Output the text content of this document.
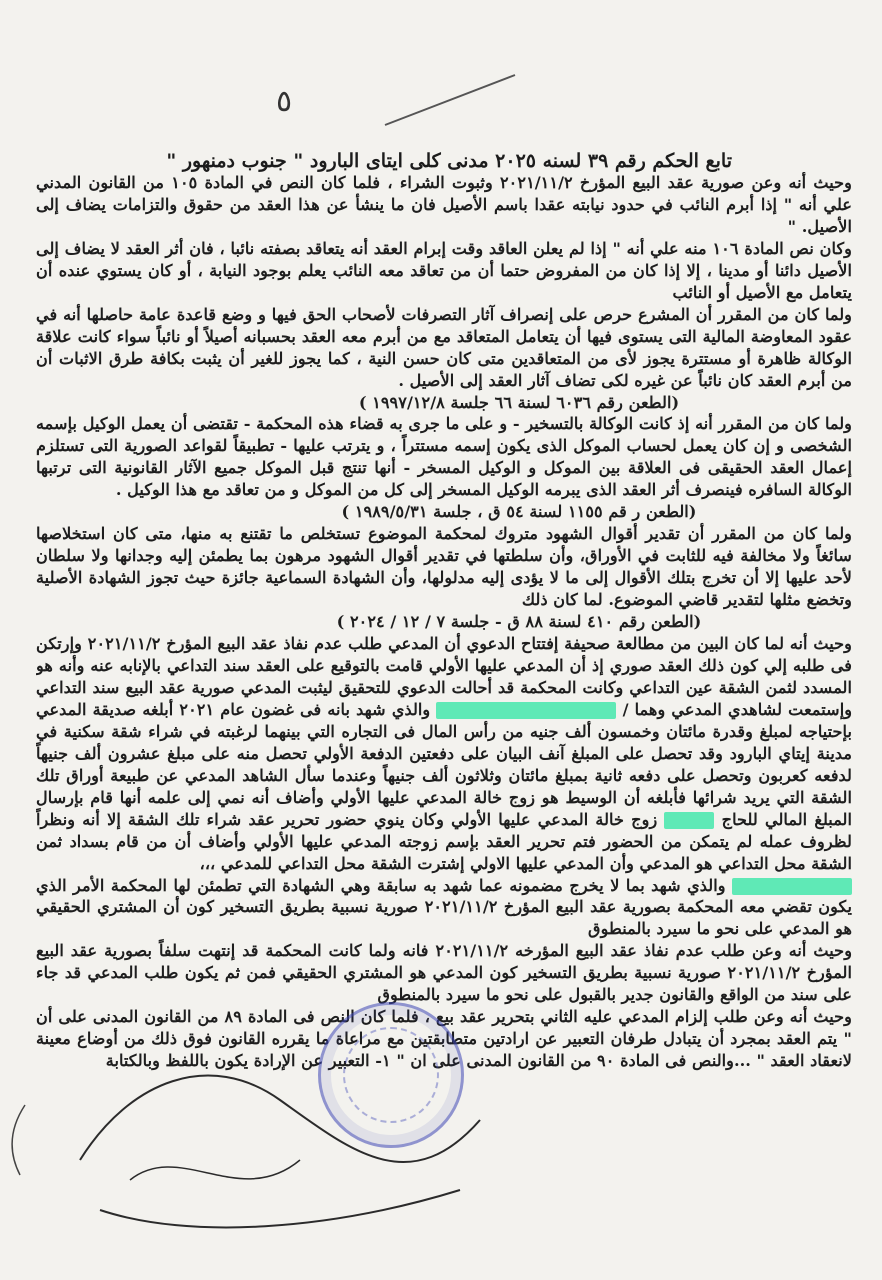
٥
تابع الحكم رقم ٣٩ لسنه ٢٠٢٥ مدنى كلى ايتاى البارود " جنوب دمنهور "

وحيث أنه وعن صورية عقد البيع المؤرخ ٢٠٢١/١١/٢ وثبوت الشراء ، فلما كان النص في المادة ١٠٥ من القانون المدني علي أنه " إذا أبرم النائب في حدود نيابته عقدا باسم الأصيل فان ما ينشأ عن هذا العقد من حقوق والتزامات يضاف إلى الأصيل. "

وكان نص المادة ١٠٦ منه علي أنه " إذا لم يعلن العاقد وقت إبرام العقد أنه يتعاقد بصفته نائبا ، فان أثر العقد لا يضاف إلى الأصيل دائنا أو مدينا ، إلا إذا كان من المفروض حتما أن من تعاقد معه النائب يعلم بوجود النيابة ، أو كان يستوي عنده أن يتعامل مع الأصيل أو النائب

ولما كان من المقرر أن المشرع حرص على إنصراف آثار التصرفات لأصحاب الحق فيها و وضع قاعدة عامة حاصلها أنه في عقود المعاوضة المالية التى يستوى فيها أن يتعامل المتعاقد مع من أبرم معه العقد بحسبانه أصيلاً أو نائباً سواء كانت علاقة الوكالة ظاهرة أو مستترة يجوز لأى من المتعاقدين متى كان حسن النية ، كما يجوز للغير أن يثبت بكافة طرق الاثبات أن من أبرم العقد كان نائباً عن غيره لكى تضاف آثار العقد إلى الأصيل .

(الطعن رقم ٦٠٣٦ لسنة ٦٦ جلسة ١٩٩٧/١٢/٨ )

ولما كان من المقرر أنه إذ كانت الوكالة بالتسخير - و على ما جرى به قضاء هذه المحكمة - تقتضى أن يعمل الوكيل بإسمه الشخصى و إن كان يعمل لحساب الموكل الذى يكون إسمه مستتراً ، و يترتب عليها - تطبيقاً لقواعد الصورية التى تستلزم إعمال العقد الحقيقى فى العلاقة بين الموكل و الوكيل المسخر - أنها تنتج قبل الموكل جميع الآثار القانونية التى ترتبها الوكالة السافره فينصرف أثر العقد الذى يبرمه الوكيل المسخر إلى كل من الموكل و من تعاقد مع هذا الوكيل .

(الطعن ر قم ١١٥٥ لسنة ٥٤ ق ، جلسة ١٩٨٩/٥/٣١ )

ولما كان من المقرر أن تقدير أقوال الشهود متروك لمحكمة الموضوع تستخلص ما تقتنع به منها، متى كان استخلاصها سائغاً ولا مخالفة فيه للثابت في الأوراق، وأن سلطتها في تقدير أقوال الشهود مرهون بما يطمئن إليه وجدانها ولا سلطان لأحد عليها إلا أن تخرج بتلك الأقوال إلى ما لا يؤدى إليه مدلولها، وأن الشهادة السماعية جائزة حيث تجوز الشهادة الأصلية وتخضع مثلها لتقدير قاضي الموضوع. لما كان ذلك

(الطعن رقم ٤١٠ لسنة ٨٨ ق - جلسة ٧ / ١٢ / ٢٠٢٤ )

وحيث أنه لما كان البين من مطالعة صحيفة إفتتاح الدعوي أن المدعي طلب عدم نفاذ عقد البيع المؤرخ ٢٠٢١/١١/٢ وإرتكن فى طلبه إلي كون ذلك العقد صوري إذ أن المدعي عليها الأولي قامت بالتوقيع على العقد سند التداعي بالإنابه عنه وأنه هو المسدد لثمن الشقة عين التداعي وكانت المحكمة قد أحالت الدعوي للتحقيق ليثبت المدعي صورية عقد البيع سند التداعي وإستمعت لشاهدي المدعي وهما /  والذي شهد بانه فى غضون عام ٢٠٢١ أبلغه صديقة المدعي بإحتياجه لمبلغ وقدرة مائتان وخمسون ألف جنيه من رأس المال فى التجاره التي بينهما لرغبته في شراء شقة سكنية في مدينة إيتاي البارود وقد تحصل على المبلغ آنف البيان على دفعتين الدفعة الأولي تحصل منه على مبلغ عشرون ألف جنيهاً لدفعه كعربون وتحصل على دفعه ثانية بمبلغ مائتان وثلاثون ألف جنيهاً وعندما سأل الشاهد المدعي عن طبيعة أوراق تلك الشقة التي يريد شرائها فأبلغه أن الوسيط هو زوج خالة المدعي عليها الأولي وأضاف أنه نمي إلى علمه أنها قام بإرسال المبلغ المالي للحاج  زوج خالة المدعي عليها الأولي وكان ينوي حضور تحرير عقد شراء تلك الشقة إلا أنه ونظراً لظروف عمله لم يتمكن من الحضور فتم تحرير العقد بإسم زوجته المدعي عليها الأولي وأضاف أن من قام بسداد ثمن الشقة محل التداعي هو المدعي وأن المدعي عليها الاولي إشترت الشقة محل التداعي للمدعي ،،،

والذي شهد بما لا يخرج مضمونه عما شهد به سابقة وهي الشهادة التي تطمئن لها المحكمة الأمر الذي يكون تقضي معه المحكمة بصورية عقد البيع المؤرخ ٢٠٢١/١١/٢ صورية نسبية بطريق التسخير كون أن المشتري الحقيقي هو المدعي على نحو ما سيرد بالمنطوق

وحيث أنه وعن طلب عدم نفاذ عقد البيع المؤرخه ٢٠٢١/١١/٢ فانه ولما كانت المحكمة قد إنتهت سلفاً بصورية عقد البيع المؤرخ ٢٠٢١/١١/٢ صورية نسبية بطريق التسخير كون المدعي هو المشتري الحقيقي فمن ثم يكون طلب المدعي قد جاء على سند من الواقع والقانون جدير بالقبول على نحو ما سيرد بالمنطوق

وحيث أنه وعن طلب إلزام المدعي عليه الثاني بتحرير عقد بيع ، فلما كان النص فى المادة ٨٩ من القانون المدنى على أن " يتم العقد بمجرد أن يتبادل طرفان التعبير عن ارادتين متطابقتين مع مراعاة ما يقرره القانون فوق ذلك من أوضاع معينة لانعقاد العقد " ...والنص فى المادة ٩٠ من القانون المدنى على ان " ١- التعبير عن الإرادة يكون باللفظ وبالكتابة
